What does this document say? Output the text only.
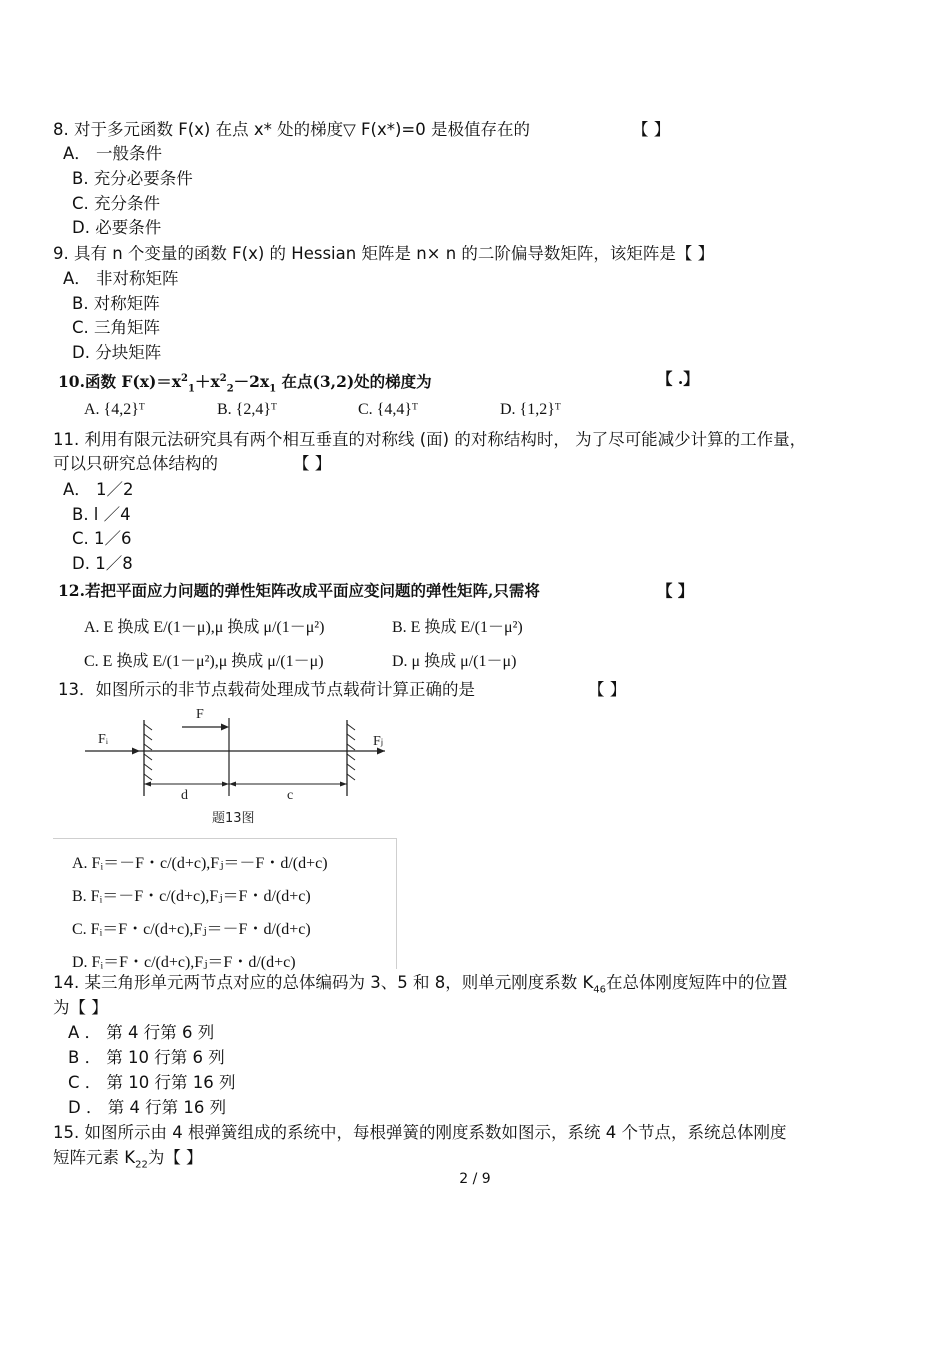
8. 对于多元函数 F(x) 在点 x* 处的梯度▽ F(x*)=0 是极值存在的	【 】
A． 一般条件
B. 充分必要条件
C. 充分条件
D. 必要条件
9. 具有 n 个变量的函数 F(x) 的 Hessian 矩阵是 n× n 的二阶偏导数矩阵，该矩阵是【 】
A． 非对称矩阵
B. 对称矩阵
C. 三角矩阵
D. 分块矩阵
10.函数 $F(x)=x^2_1+x^2_2-2x_1$ 在点(3,2)处的梯度为	【 .】
A. {4,2}ᵀ	B. {2,4}ᵀ	C. {4,4}ᵀ	D. {1,2}ᵀ
11. 利用有限元法研究具有两个相互垂直的对称线 (面) 的对称结构时， 为了尽可能减少计算的工作量，
可以只研究总体结构的	【 】
A． 1／2
B. l ／4
C. 1／6
D. 1／8
12.若把平面应力问题的弹性矩阵改成平面应变问题的弹性矩阵,只需将	【 】
A. E 换成 E/(1－μ),μ 换成 μ/(1－μ²)	B. E 换成 E/(1－μ²)
C. E 换成 E/(1－μ²),μ 换成 μ/(1－μ)	D. μ 换成 μ/(1－μ)
13．如图所示的非节点载荷处理成节点载荷计算正确的是	【 】
F
Fᵢ	Fⱼ
d	c
题13图
A. Fᵢ＝－F・c/(d+c),Fⱼ＝－F・d/(d+c)
B. Fᵢ＝－F・c/(d+c),Fⱼ＝F・d/(d+c)
C. Fᵢ＝F・c/(d+c),Fⱼ＝－F・d/(d+c)
D. Fᵢ＝F・c/(d+c),Fⱼ＝F・d/(d+c)
14. 某三角形单元两节点对应的总体编码为 3、5 和 8，则单元刚度系数 $K_{46}$在总体刚度短阵中的位置
为【 】
A ． 第 4 行第 6 列
B ． 第 10 行第 6 列
C ． 第 10 行第 16 列
D ． 第 4 行第 16 列
15. 如图所示由 4 根弹簧组成的系统中，每根弹簧的刚度系数如图示，系统 4 个节点，系统总体刚度
短阵元素 $K_{22}$为【 】
2 / 9
